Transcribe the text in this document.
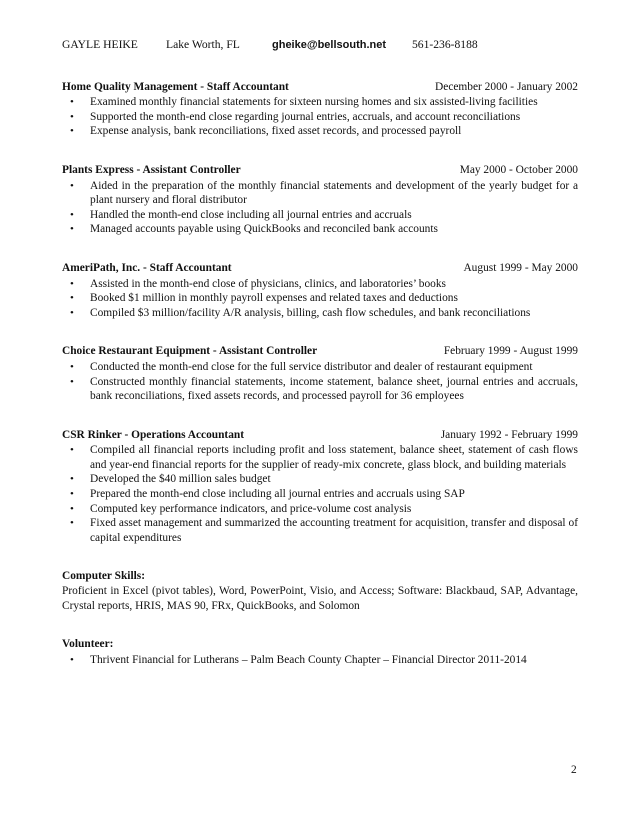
GAYLE HEIKE	Lake Worth, FL	gheike@bellsouth.net	561-236-8188
Home Quality Management - Staff Accountant	December 2000 - January 2002
• Examined monthly financial statements for sixteen nursing homes and six assisted-living facilities
• Supported the month-end close regarding journal entries, accruals, and account reconciliations
• Expense analysis, bank reconciliations, fixed asset records, and processed payroll
Plants Express - Assistant Controller	May 2000 - October 2000
• Aided in the preparation of the monthly financial statements and development of the yearly budget for a plant nursery and floral distributor
• Handled the month-end close including all journal entries and accruals
• Managed accounts payable using QuickBooks and reconciled bank accounts
AmeriPath, Inc. - Staff Accountant	August 1999 - May 2000
• Assisted in the month-end close of physicians, clinics, and laboratories’ books
• Booked $1 million in monthly payroll expenses and related taxes and deductions
• Compiled $3 million/facility A/R analysis, billing, cash flow schedules, and bank reconciliations
Choice Restaurant Equipment - Assistant Controller	February 1999 - August 1999
• Conducted the month-end close for the full service distributor and dealer of restaurant equipment
• Constructed monthly financial statements, income statement, balance sheet, journal entries and accruals, bank reconciliations, fixed assets records, and processed payroll for 36 employees
CSR Rinker - Operations Accountant	January 1992 - February 1999
• Compiled all financial reports including profit and loss statement, balance sheet, statement of cash flows and year-end financial reports for the supplier of ready-mix concrete, glass block, and building materials
• Developed the $40 million sales budget
• Prepared the month-end close including all journal entries and accruals using SAP
• Computed key performance indicators, and price-volume cost analysis
• Fixed asset management and summarized the accounting treatment for acquisition, transfer and disposal of capital expenditures
Computer Skills:
Proficient in Excel (pivot tables), Word, PowerPoint, Visio, and Access; Software: Blackbaud, SAP, Advantage, Crystal reports, HRIS, MAS 90, FRx, QuickBooks, and Solomon
Volunteer:
• Thrivent Financial for Lutherans – Palm Beach County Chapter – Financial Director 2011-2014
2
